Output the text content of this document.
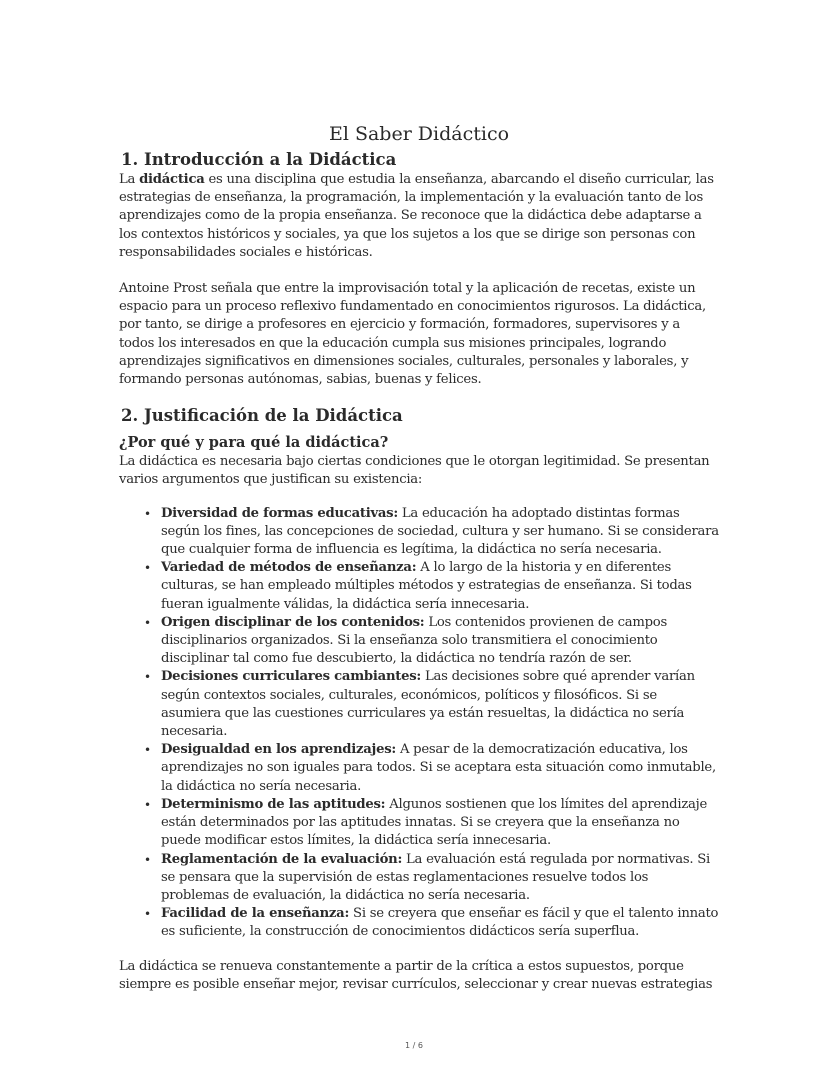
El Saber Didáctico
1. Introducción a la Didáctica

La didáctica es una disciplina que estudia la enseñanza, abarcando el diseño curricular, las estrategias de enseñanza, la programación, la implementación y la evaluación tanto de los aprendizajes como de la propia enseñanza. Se reconoce que la didáctica debe adaptarse a los contextos históricos y sociales, ya que los sujetos a los que se dirige son personas con responsabilidades sociales e históricas.

Antoine Prost señala que entre la improvisación total y la aplicación de recetas, existe un espacio para un proceso reflexivo fundamentado en conocimientos rigurosos. La didáctica, por tanto, se dirige a profesores en ejercicio y formación, formadores, supervisores y a todos los interesados en que la educación cumpla sus misiones principales, logrando aprendizajes significativos en dimensiones sociales, culturales, personales y laborales, y formando personas autónomas, sabias, buenas y felices.

2. Justificación de la Didáctica
¿Por qué y para qué la didáctica?

La didáctica es necesaria bajo ciertas condiciones que le otorgan legitimidad. Se presentan varios argumentos que justifican su existencia:

• Diversidad de formas educativas: La educación ha adoptado distintas formas según los fines, las concepciones de sociedad, cultura y ser humano. Si se considerara que cualquier forma de influencia es legítima, la didáctica no sería necesaria.
• Variedad de métodos de enseñanza: A lo largo de la historia y en diferentes culturas, se han empleado múltiples métodos y estrategias de enseñanza. Si todas fueran igualmente válidas, la didáctica sería innecesaria.
• Origen disciplinar de los contenidos: Los contenidos provienen de campos disciplinarios organizados. Si la enseñanza solo transmitiera el conocimiento disciplinar tal como fue descubierto, la didáctica no tendría razón de ser.
• Decisiones curriculares cambiantes: Las decisiones sobre qué aprender varían según contextos sociales, culturales, económicos, políticos y filosóficos. Si se asumiera que las cuestiones curriculares ya están resueltas, la didáctica no sería necesaria.
• Desigualdad en los aprendizajes: A pesar de la democratización educativa, los aprendizajes no son iguales para todos. Si se aceptara esta situación como inmutable, la didáctica no sería necesaria.
• Determinismo de las aptitudes: Algunos sostienen que los límites del aprendizaje están determinados por las aptitudes innatas. Si se creyera que la enseñanza no puede modificar estos límites, la didáctica sería innecesaria.
• Reglamentación de la evaluación: La evaluación está regulada por normativas. Si se pensara que la supervisión de estas reglamentaciones resuelve todos los problemas de evaluación, la didáctica no sería necesaria.
• Facilidad de la enseñanza: Si se creyera que enseñar es fácil y que el talento innato es suficiente, la construcción de conocimientos didácticos sería superflua.

La didáctica se renueva constantemente a partir de la crítica a estos supuestos, porque siempre es posible enseñar mejor, revisar currículos, seleccionar y crear nuevas estrategias

1 / 6
